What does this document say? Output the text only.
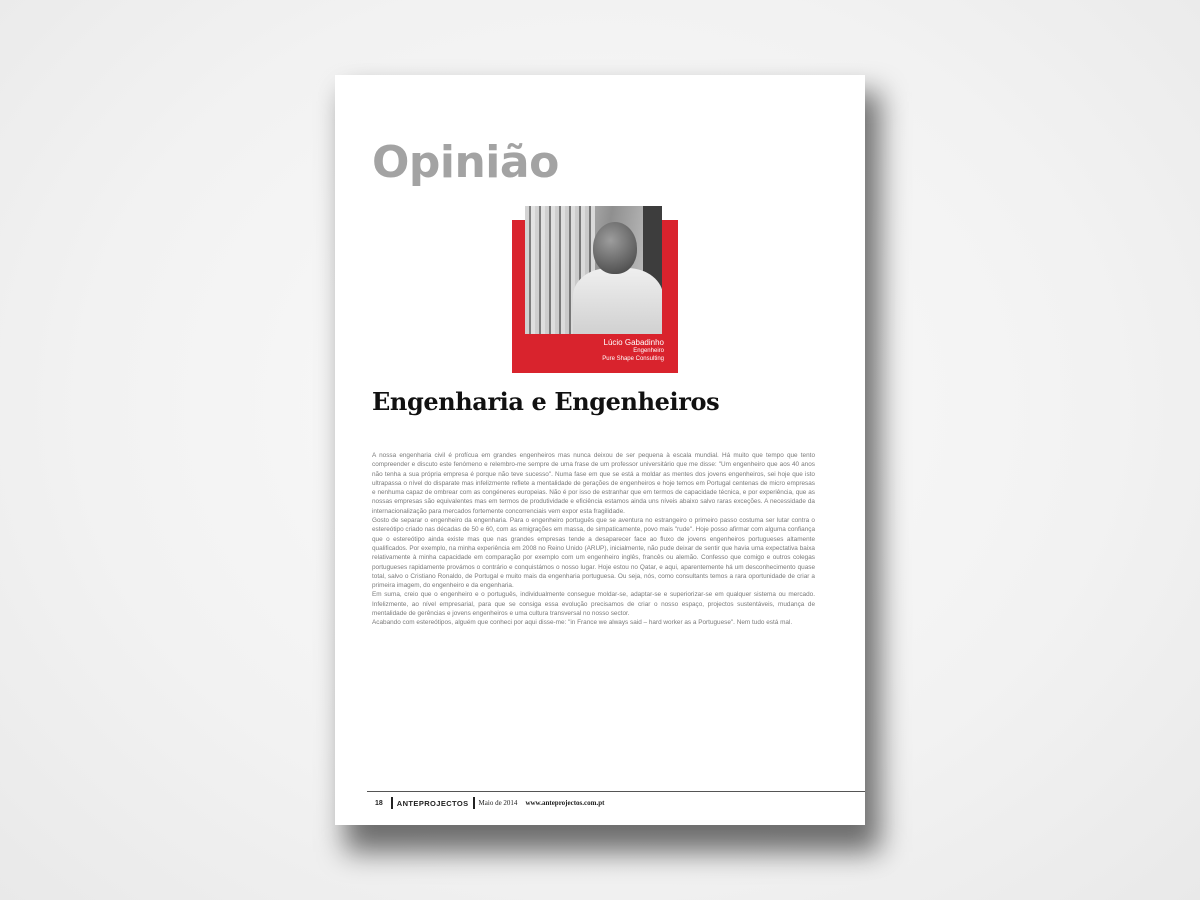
Opinião
Lúcio Gabadinho
Engenheiro
Pure Shape Consulting
Engenharia e Engenheiros

A nossa engenharia civil é profícua em grandes engenheiros mas nunca deixou de ser pequena à escala mundial. Há muito que tempo que tento compreender e discuto este fenómeno e relembro-me sempre de uma frase de um professor universitário que me disse: "Um engenheiro que aos 40 anos não tenha a sua própria empresa é porque não teve sucesso". Numa fase em que se está a moldar as mentes dos jovens engenheiros, sei hoje que isto ultrapassa o nível do disparate mas infelizmente reflete a mentalidade de gerações de engenheiros e hoje temos em Portugal centenas de micro empresas e nenhuma capaz de ombrear com as congéneres europeias. Não é por isso de estranhar que em termos de capacidade técnica, e por experiência, que as nossas empresas são equivalentes mas em termos de produtividade e eficiência estamos ainda uns níveis abaixo salvo raras exceções. A necessidade da internacionalização para mercados fortemente concorrenciais vem expor esta fragilidade.

Gosto de separar o engenheiro da engenharia. Para o engenheiro português que se aventura no estrangeiro o primeiro passo costuma ser lutar contra o estereótipo criado nas décadas de 50 e 60, com as emigrações em massa, de simpaticamente, povo mais "rude". Hoje posso afirmar com alguma confiança que o estereótipo ainda existe mas que nas grandes empresas tende a desaparecer face ao fluxo de jovens engenheiros portugueses altamente qualificados. Por exemplo, na minha experiência em 2008 no Reino Unido (ARUP), inicialmente, não pude deixar de sentir que havia uma expectativa baixa relativamente à minha capacidade em comparação por exemplo com um engenheiro inglês, francês ou alemão. Confesso que comigo e outros colegas portugueses rapidamente provámos o contrário e conquistámos o nosso lugar. Hoje estou no Qatar, e aqui, aparentemente há um desconhecimento quase total, salvo o Cristiano Ronaldo, de Portugal e muito mais da engenharia portuguesa. Ou seja, nós, como consultants temos a rara oportunidade de criar a primeira imagem, do engenheiro e da engenharia.

Em suma, creio que o engenheiro e o português, individualmente consegue moldar-se, adaptar-se e superiorizar-se em qualquer sistema ou mercado. Infelizmente, ao nível empresarial, para que se consiga essa evolução precisamos de criar o nosso espaço, projectos sustentáveis, mudança de mentalidade de gerências e jovens engenheiros e uma cultura transversal no nosso sector.

Acabando com estereótipos, alguém que conheci por aqui disse-me: "in France we always said – hard worker as a Portuguese". Nem tudo está mal.

18 ANTEPROJECTOS Maio de 2014 www.anteprojectos.com.pt
